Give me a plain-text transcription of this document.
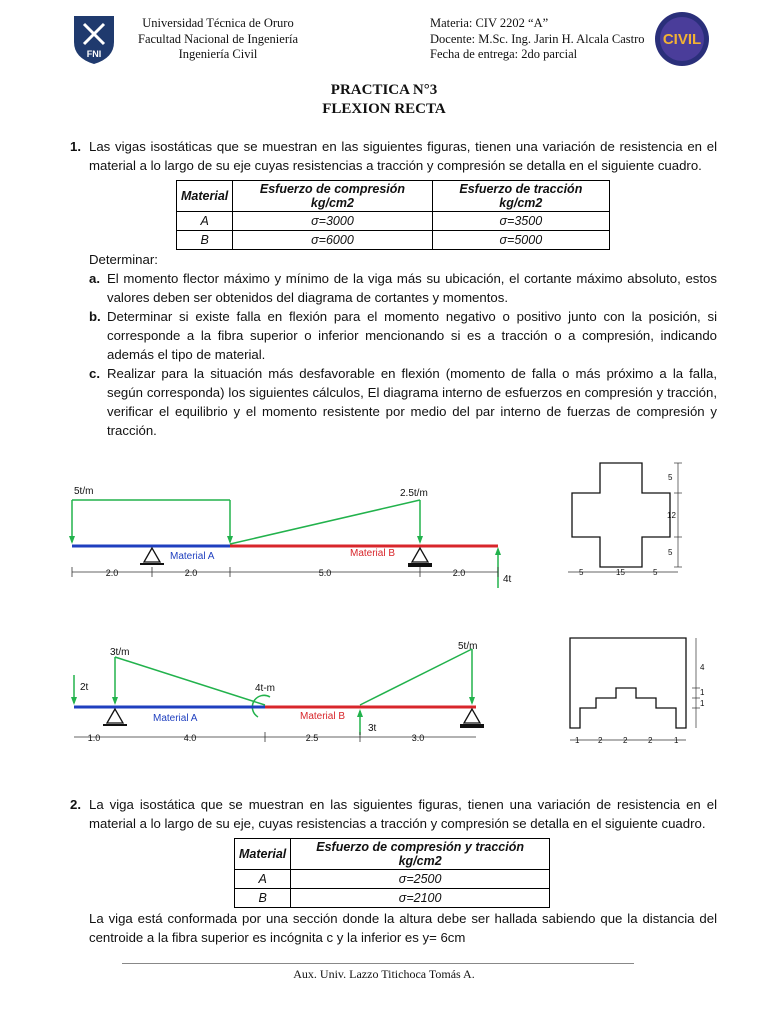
FNI
Universidad Técnica de Oruro
Facultad Nacional de Ingeniería
Ingeniería Civil
Materia: CIV 2202 “A”
Docente: M.Sc. Ing. Jarin H. Alcala Castro
Fecha de entrega: 2do parcial
CIVIL
PRACTICA N°3
FLEXION RECTA
1. Las vigas isostáticas que se muestran en las siguientes figuras, tienen una variación de resistencia en el material a lo largo de su eje cuyas resistencias a tracción y compresión se detalla en el siguiente cuadro.
Material	Esfuerzo de compresión kg/cm2	Esfuerzo de tracción kg/cm2
A	σ=3000	σ=3500
B	σ=6000	σ=5000
Determinar:
a. El momento flector máximo y mínimo de la viga más su ubicación, el cortante máximo absoluto, estos valores deben ser obtenidos del diagrama de cortantes y momentos.
b. Determinar si existe falla en flexión para el momento negativo o positivo junto con la posición, si corresponde a la fibra superior o inferior mencionando si es a tracción o a compresión, indicando además el tipo de material.
c. Realizar para la situación más desfavorable en flexión (momento de falla o más próximo a la falla, según corresponda) los siguientes cálculos, El diagrama interno de esfuerzos en compresión y tracción, verificar el equilibrio y el momento resistente por medio del par interno de fuerzas de compresión y tracción.
5t/m	2.5t/m
Material A	Material B
4t
2.0	2.0	5.0	2.0
5
12
5
5	15	5
2t
3t/m
4t-m
5t/m
Material A	Material B
3t
1.0	4.0	2.5	3.0
4
1
1
1 2	2	2	1
2. La viga isostática que se muestran en las siguientes figuras, tienen una variación de resistencia en el material a lo largo de su eje, cuyas resistencias a tracción y compresión se detalla en el siguiente cuadro.
Material	Esfuerzo de compresión y tracción kg/cm2
A	σ=2500
B	σ=2100
La viga está conformada por una sección donde la altura debe ser hallada sabiendo que la distancia del centroide a la fibra superior es incógnita c y la inferior es y= 6cm
Aux. Univ. Lazzo Titichoca Tomás A.
